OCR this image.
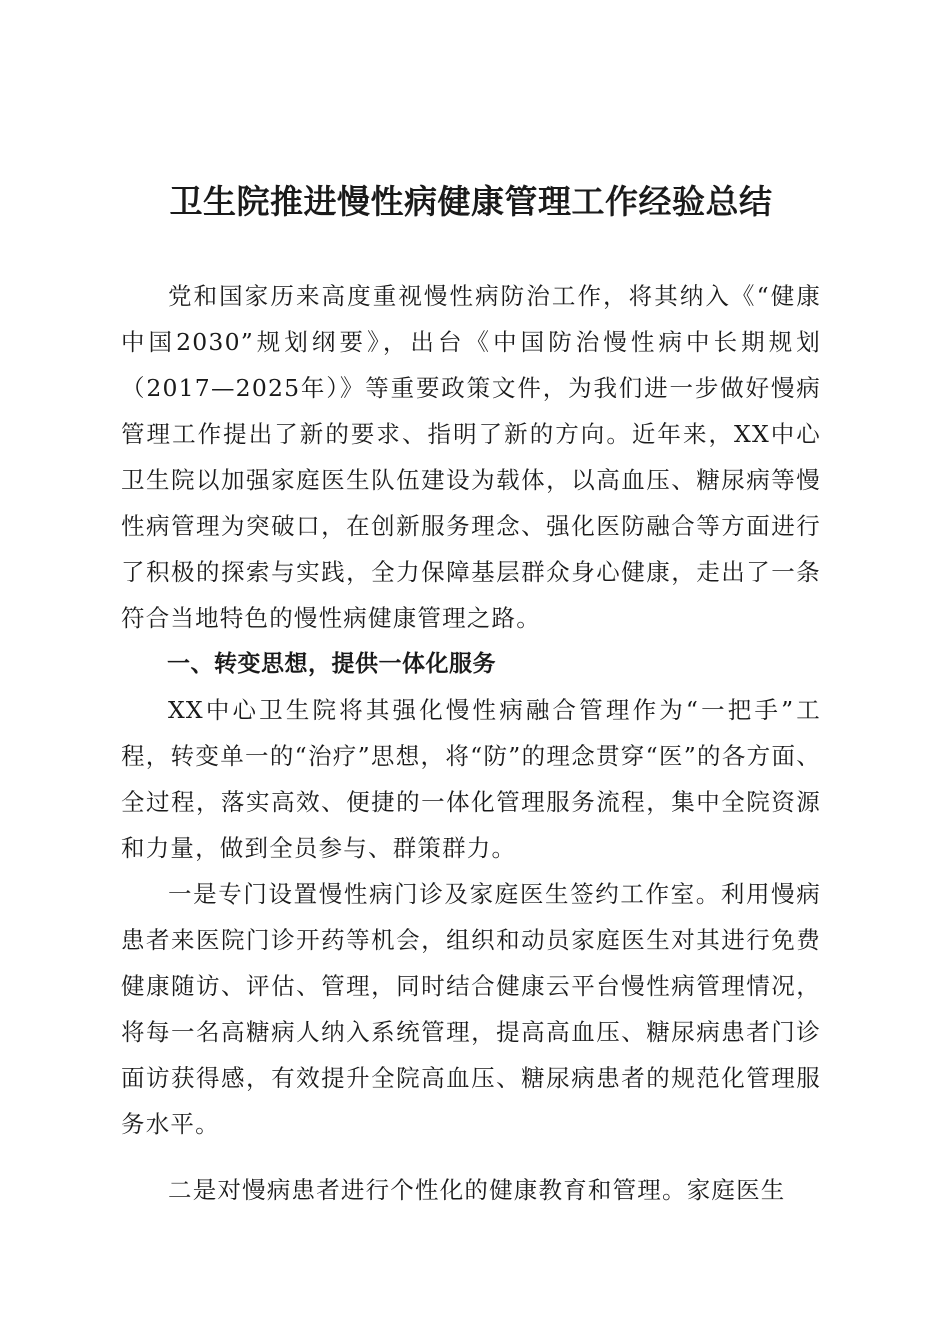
卫生院推进慢性病健康管理工作经验总结

党和国家历来高度重视慢性病防治工作，将其纳入《“健康中国2030”规划纲要》，出台《中国防治慢性病中长期规划（2017—2025年）》等重要政策文件，为我们进一步做好慢病管理工作提出了新的要求、指明了新的方向。近年来，XX中心卫生院以加强家庭医生队伍建设为载体，以高血压、糖尿病等慢性病管理为突破口，在创新服务理念、强化医防融合等方面进行了积极的探索与实践，全力保障基层群众身心健康，走出了一条符合当地特色的慢性病健康管理之路。

一、转变思想，提供一体化服务

XX中心卫生院将其强化慢性病融合管理作为“一把手”工程，转变单一的“治疗”思想，将“防”的理念贯穿“医”的各方面、全过程，落实高效、便捷的一体化管理服务流程，集中全院资源和力量，做到全员参与、群策群力。

一是专门设置慢性病门诊及家庭医生签约工作室。利用慢病患者来医院门诊开药等机会，组织和动员家庭医生对其进行免费健康随访、评估、管理，同时结合健康云平台慢性病管理情况，将每一名高糖病人纳入系统管理，提高高血压、糖尿病患者门诊面访获得感，有效提升全院高血压、糖尿病患者的规范化管理服务水平。

二是对慢病患者进行个性化的健康教育和管理。家庭医生
